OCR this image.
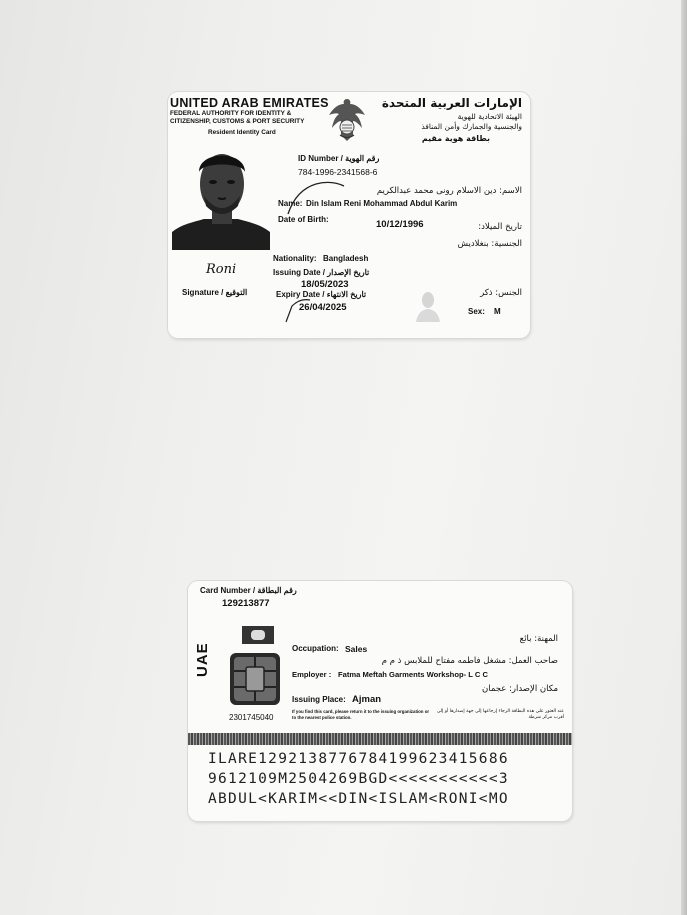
UNITED ARAB EMIRATES
FEDERAL AUTHORITY FOR IDENTITY &
CITIZENSHIP, CUSTOMS & PORT SECURITY
Resident Identity Card
الإمارات العربية المتحدة
الهيئة الاتحادية للهوية
والجنسية والجمارك وأمن المنافذ
بطاقة هوية مقيم
ID Number / رقم الهوية
784-1996-2341568-6
الاسم: دين الاسلام رونى محمد عبدالكريم
Name: Din Islam Reni Mohammad Abdul Karim
Date of Birth:	10/12/1996	تاريخ الميلاد:
الجنسية: بنغلاديش
Nationality: Bangladesh
Issuing Date / تاريخ الإصدار
18/05/2023
Roni
Signature / التوقيع	Expiry Date / تاريخ الانتهاء
26/04/2025
الجنس: ذكر
Sex: M
Card Number / رقم البطاقة
129213877
UAE
2301745040
المهنة: بائع
Occupation: Sales
صاحب العمل: مشغل فاطمه مفتاح للملابس ذ م م
Employer : Fatma Meftah Garments Workshop- L C C
مكان الإصدار: عجمان
Issuing Place: Ajman
If you find this card, please return it to the issuing organization or to the nearest police station.
عند العثور على هذه البطاقة الرجاء إرجاعها إلى جهة إصدارها أو إلى أقرب مركز شرطة
ILARE1292138776784199623415686
9612109M2504269BGD<<<<<<<<<<<3
ABDUL<KARIM<<DIN<ISLAM<RONI<MO
